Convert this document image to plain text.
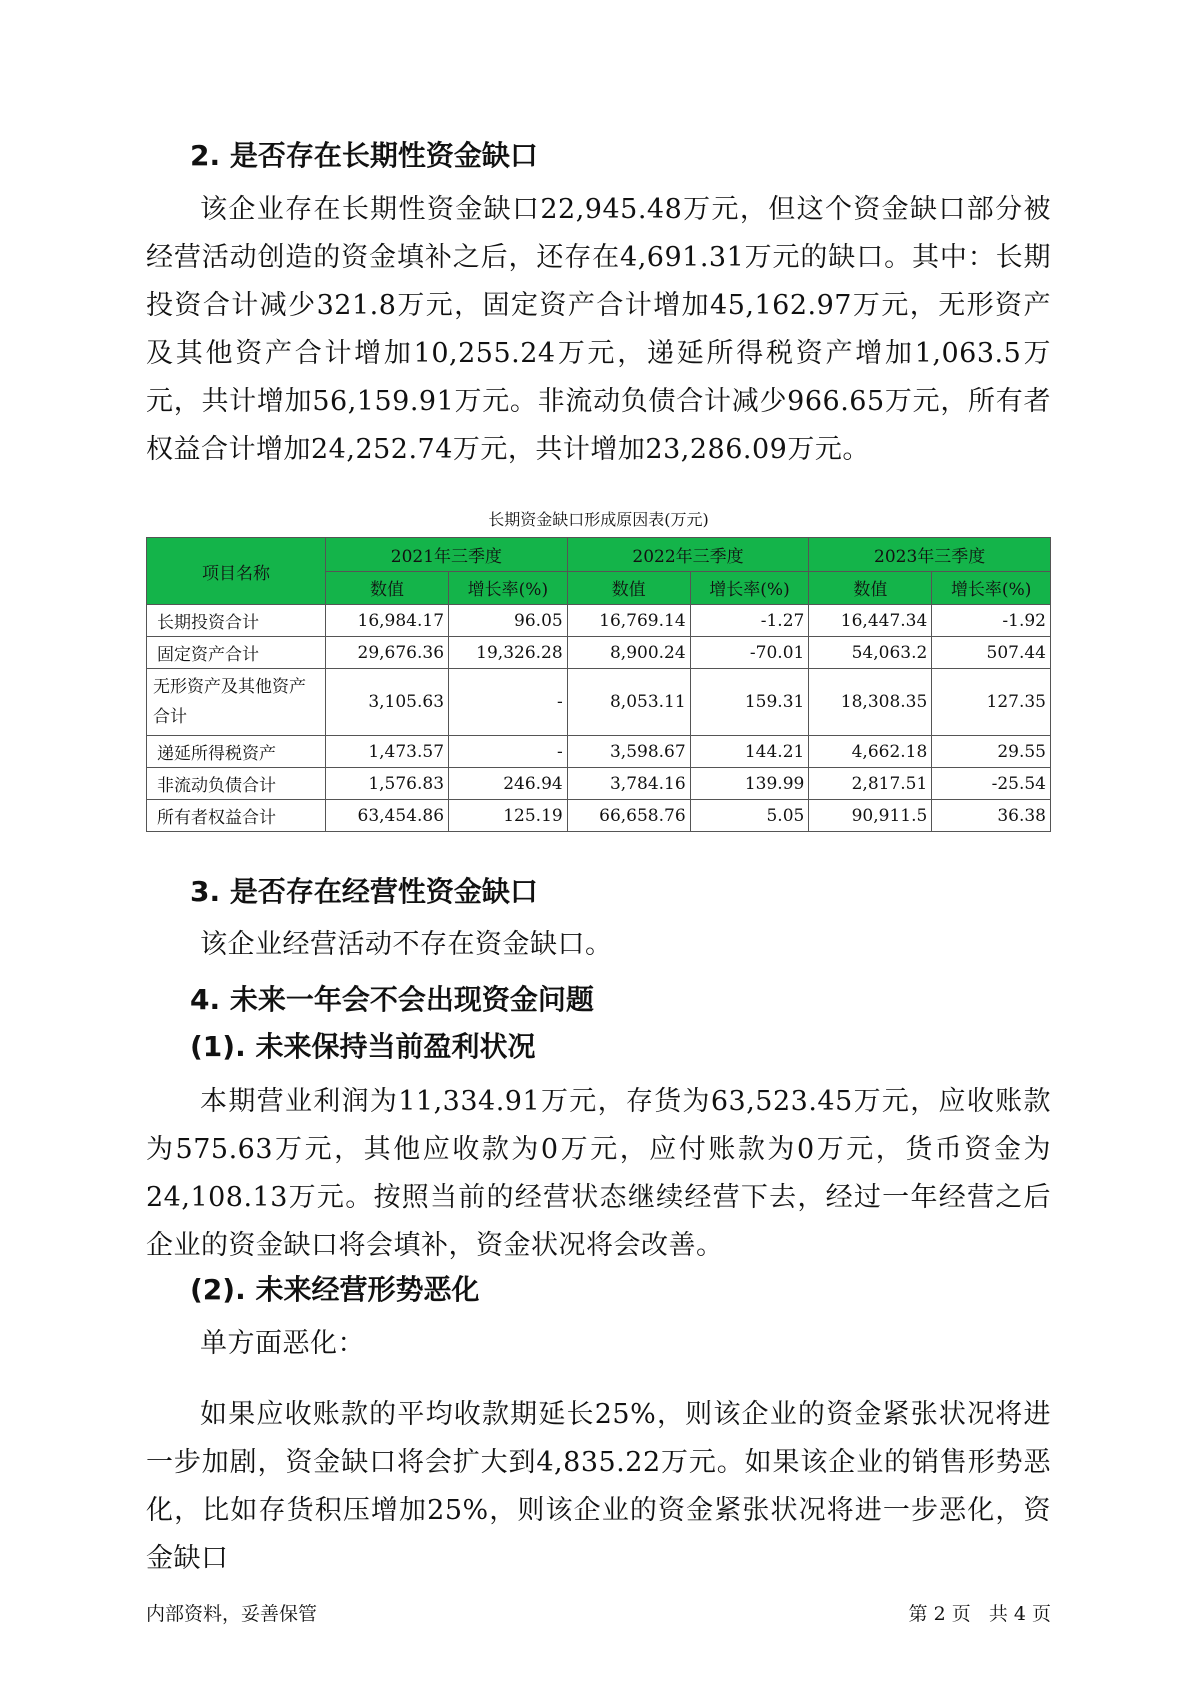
2. 是否存在长期性资金缺口
该企业存在长期性资金缺口22,945.48万元，但这个资金缺口部分被经营活动创造的资金填补之后，还存在4,691.31万元的缺口。其中：长期投资合计减少321.8万元，固定资产合计增加45,162.97万元，无形资产及其他资产合计增加10,255.24万元，递延所得税资产增加1,063.5万元，共计增加56,159.91万元。非流动负债合计减少966.65万元，所有者权益合计增加24,252.74万元，共计增加23,286.09万元。
长期资金缺口形成原因表(万元)
项目名称	2021年三季度		2022年三季度		2023年三季度	
	数值	增长率(%)	数值	增长率(%)	数值	增长率(%)
长期投资合计	16,984.17	96.05	16,769.14	-1.27	16,447.34	-1.92
固定资产合计	29,676.36	19,326.28	8,900.24	-70.01	54,063.2	507.44
无形资产及其他资产合计	3,105.63	-	8,053.11	159.31	18,308.35	127.35
递延所得税资产	1,473.57	-	3,598.67	144.21	4,662.18	29.55
非流动负债合计	1,576.83	246.94	3,784.16	139.99	2,817.51	-25.54
所有者权益合计	63,454.86	125.19	66,658.76	5.05	90,911.5	36.38
3. 是否存在经营性资金缺口
该企业经营活动不存在资金缺口。
4. 未来一年会不会出现资金问题
(1). 未来保持当前盈利状况
本期营业利润为11,334.91万元，存货为63,523.45万元，应收账款为575.63万元，其他应收款为0万元，应付账款为0万元，货币资金为24,108.13万元。按照当前的经营状态继续经营下去，经过一年经营之后企业的资金缺口将会填补，资金状况将会改善。
(2). 未来经营形势恶化
单方面恶化：
如果应收账款的平均收款期延长25%，则该企业的资金紧张状况将进一步加剧，资金缺口将会扩大到4,835.22万元。如果该企业的销售形势恶化，比如存货积压增加25%，则该企业的资金紧张状况将进一步恶化，资金缺口
内部资料，妥善保管	第 2 页   共 4 页
